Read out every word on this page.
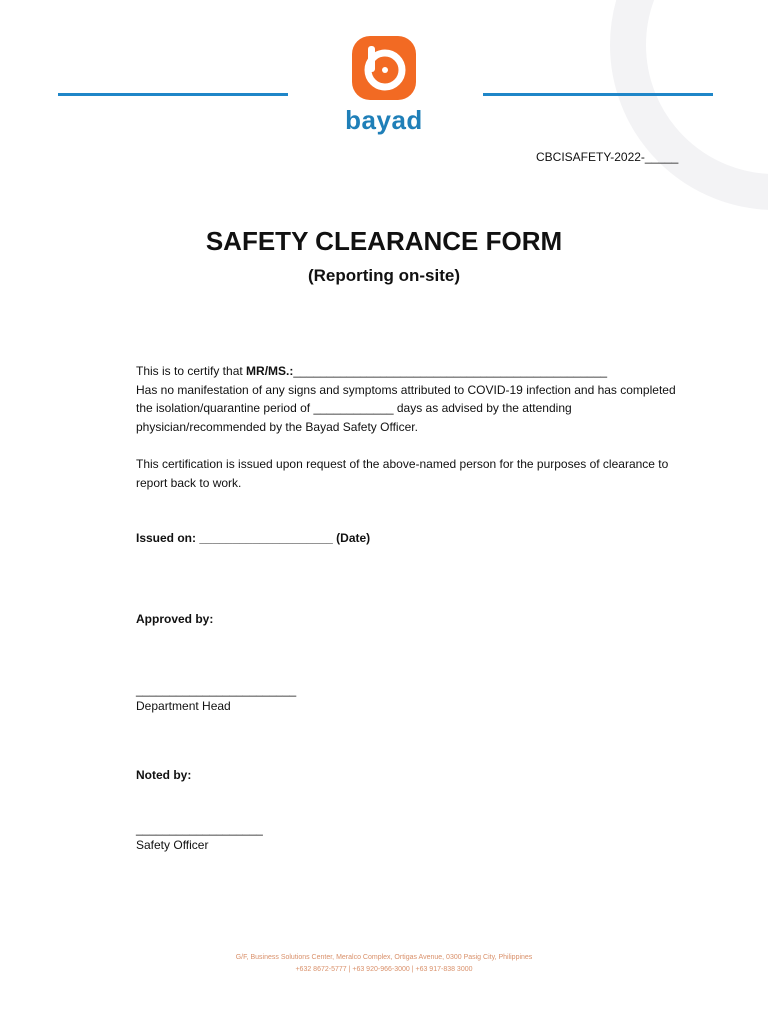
bayad
CBCISAFETY-2022-_____
SAFETY CLEARANCE FORM
(Reporting on-site)
This is to certify that MR/MS.:_______________________________________________
Has no manifestation of any signs and symptoms attributed to COVID-19 infection and has completed the isolation/quarantine period of ____________ days as advised by the attending physician/recommended by the Bayad Safety Officer.
This certification is issued upon request of the above-named person for the purposes of clearance to report back to work.
Issued on: ____________________ (Date)
Approved by:
________________________
Department Head
Noted by:
___________________
Safety Officer
G/F, Business Solutions Center, Meralco Complex, Ortigas Avenue, 0300 Pasig City, Philippines
+632 8672-5777 | +63 920-966-3000 | +63 917-838 3000
